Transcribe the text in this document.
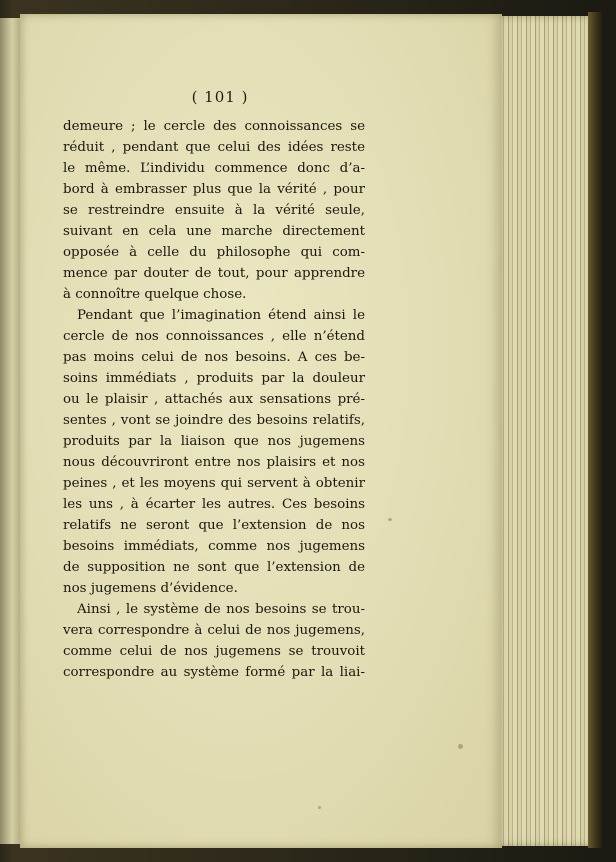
( 101 )
demeure ; le cercle des connoissances se
réduit , pendant que celui des idées reste
le même. L’individu commence donc d’a-
bord à embrasser plus que la vérité , pour
se restreindre ensuite à la vérité seule,
suivant en cela une marche directement
opposée à celle du philosophe qui com-
mence par douter de tout, pour apprendre
à connoître quelque chose.
Pendant que l’imagination étend ainsi le
cercle de nos connoissances , elle n’étend
pas moins celui de nos besoins. A ces be-
soins immédiats , produits par la douleur
ou le plaisir , attachés aux sensations pré-
sentes , vont se joindre des besoins relatifs,
produits par la liaison que nos jugemens
nous découvriront entre nos plaisirs et nos
peines , et les moyens qui servent à obtenir
les uns , à écarter les autres. Ces besoins
relatifs ne seront que l’extension de nos
besoins immédiats, comme nos jugemens
de supposition ne sont que l’extension de
nos jugemens d’évidence.
Ainsi , le système de nos besoins se trou-
vera correspondre à celui de nos jugemens,
comme celui de nos jugemens se trouvoit
correspondre au système formé par la liai-
